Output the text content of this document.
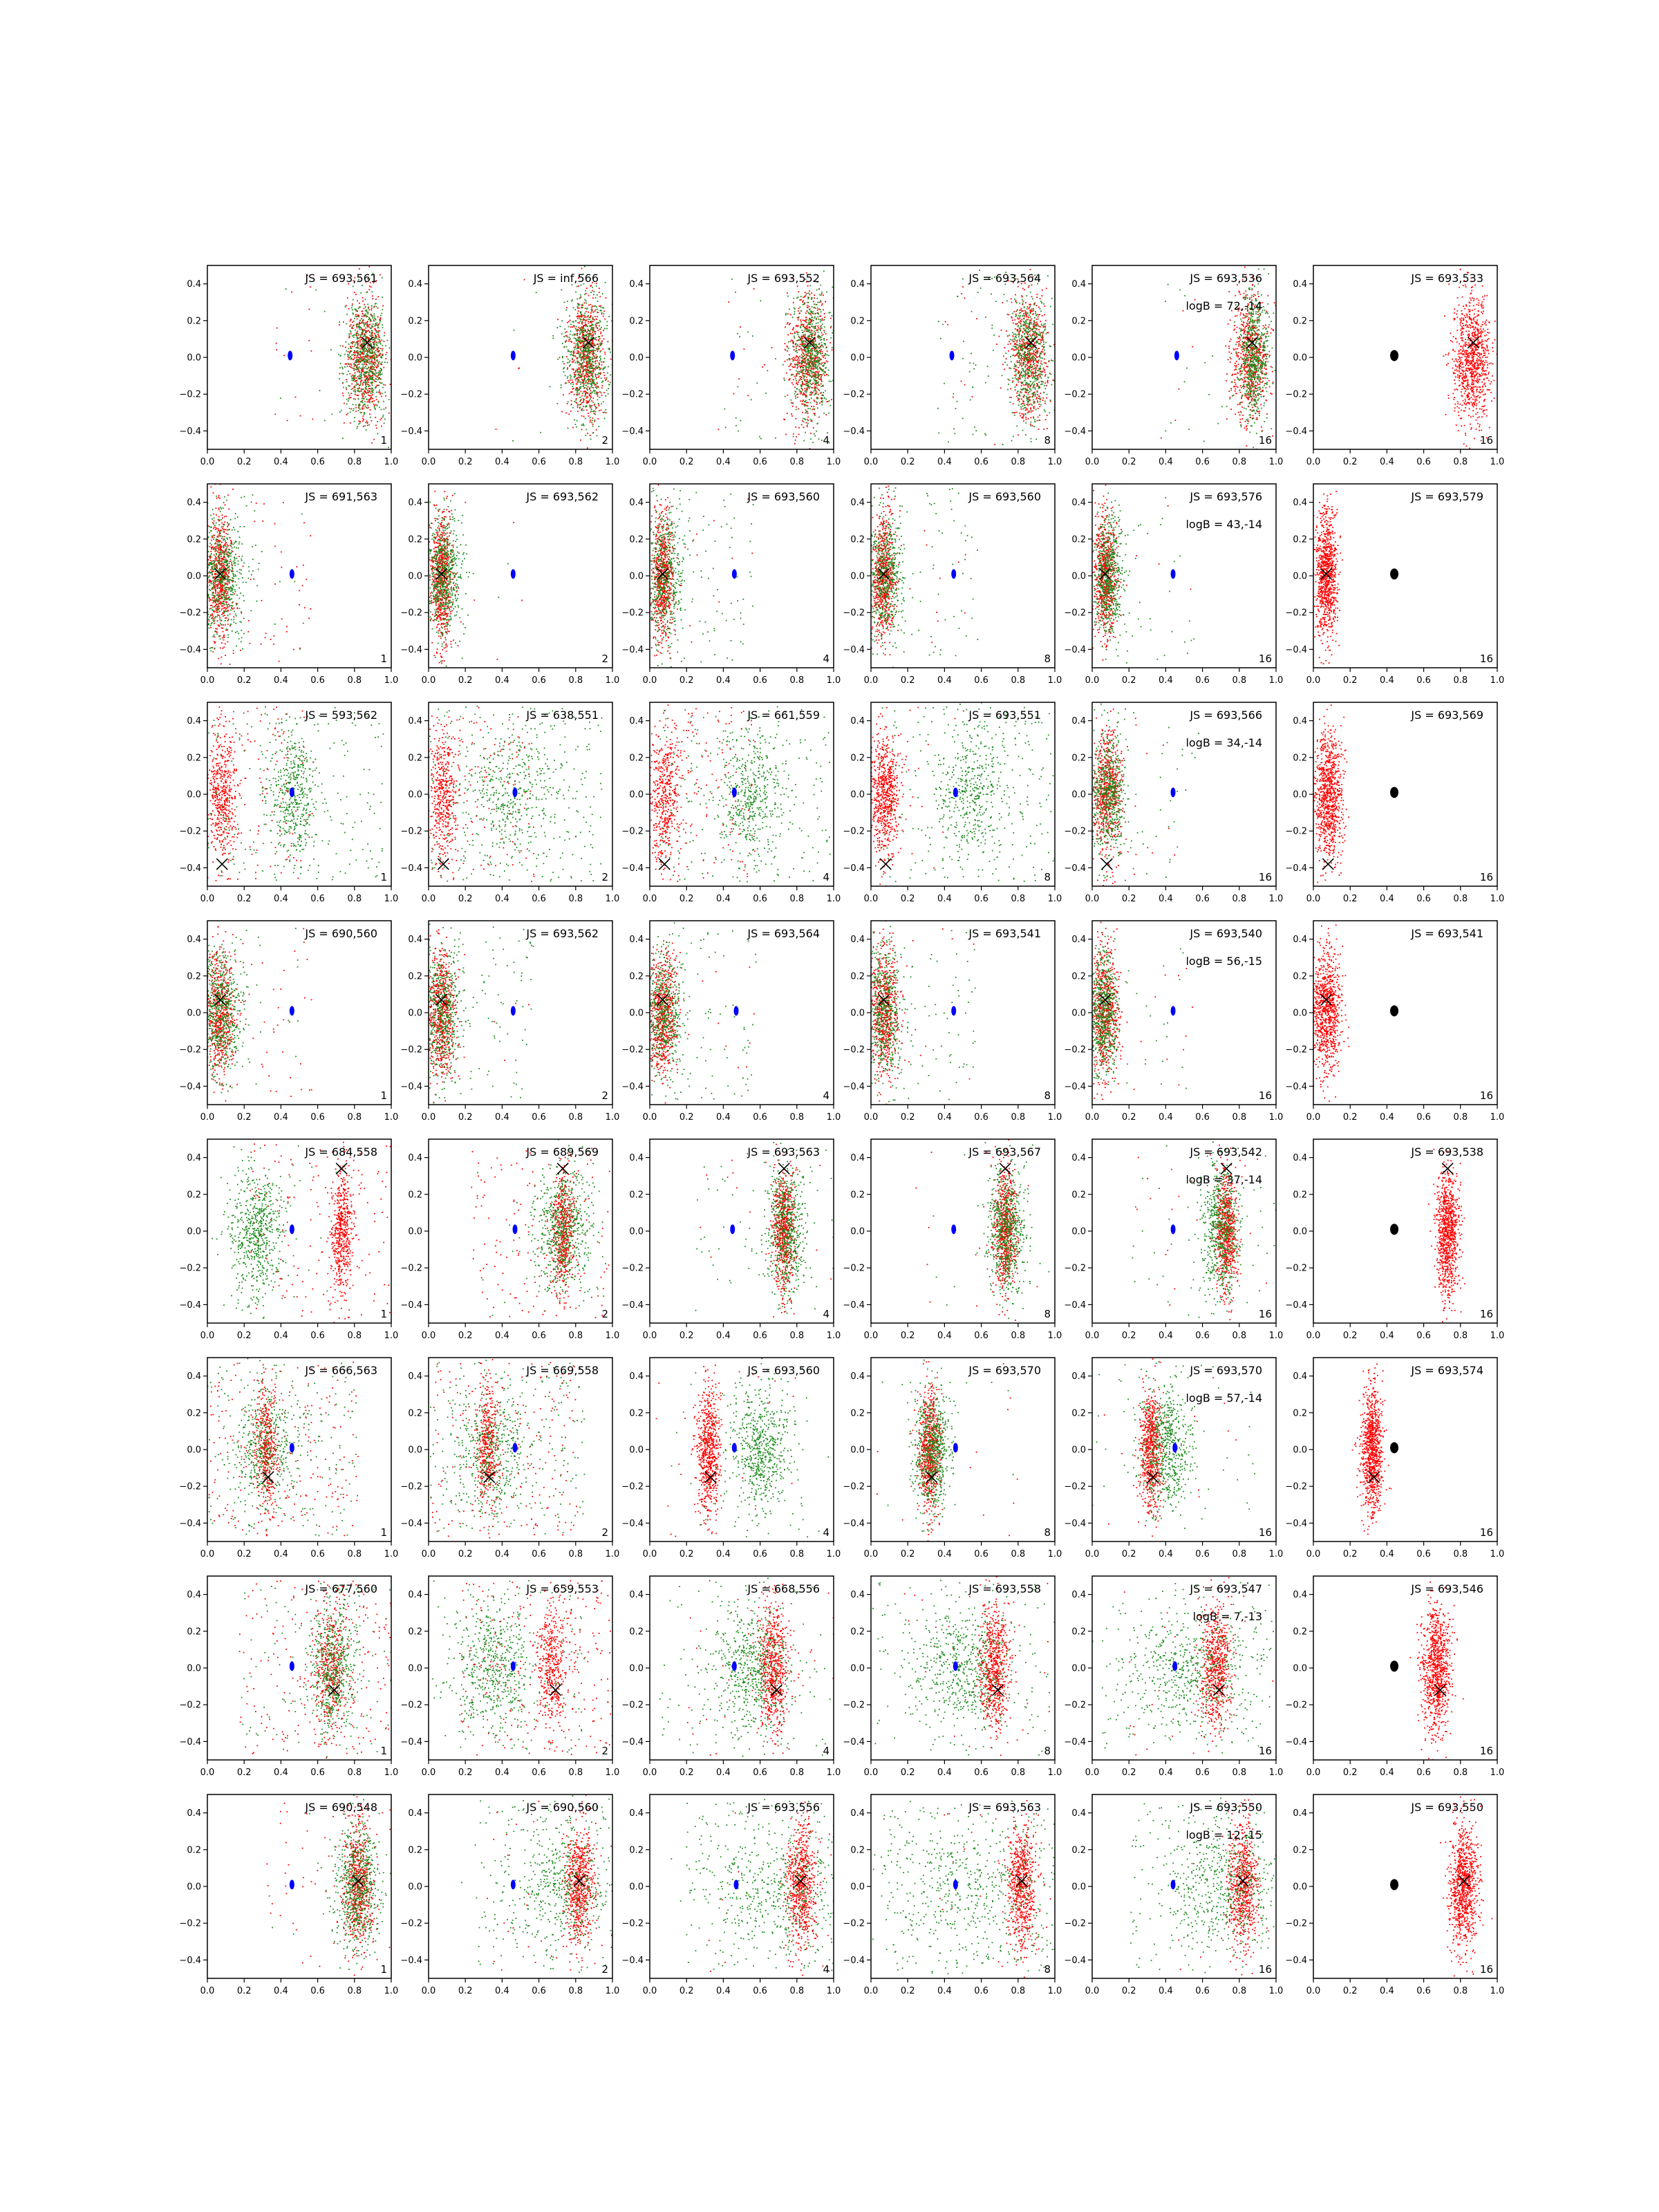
0.0	0.2	0.4	0.6	0.8	1.0
0.4
0.2
0.0
−0.2
−0.4
JS = 693,561
1
0.0	0.2	0.4	0.6	0.8	1.0
0.4
0.2
0.0
−0.2
−0.4
JS = inf,566
2
0.0	0.2	0.4	0.6	0.8	1.0
0.4
0.2
0.0
−0.2
−0.4
JS = 693,552
4
0.0	0.2	0.4	0.6	0.8	1.0
0.4
0.2
0.0
−0.2
−0.4
JS = 693,564
8
0.0	0.2	0.4	0.6	0.8	1.0
0.4
0.2
0.0
−0.2
−0.4
JS = 693,536
logB = 72,-14
16
0.0	0.2	0.4	0.6	0.8	1.0
0.4
0.2
0.0
−0.2
−0.4
JS = 693,533
16
0.0	0.2	0.4	0.6	0.8	1.0
0.4
0.2
0.0
−0.2
−0.4
JS = 691,563
1
0.0	0.2	0.4	0.6	0.8	1.0
0.4
0.2
0.0
−0.2
−0.4
JS = 693,562
2
0.0	0.2	0.4	0.6	0.8	1.0
0.4
0.2
0.0
−0.2
−0.4
JS = 693,560
4
0.0	0.2	0.4	0.6	0.8	1.0
0.4
0.2
0.0
−0.2
−0.4
JS = 693,560
8
0.0	0.2	0.4	0.6	0.8	1.0
0.4
0.2
0.0
−0.2
−0.4
JS = 693,576
logB = 43,-14
16
0.0	0.2	0.4	0.6	0.8	1.0
0.4
0.2
0.0
−0.2
−0.4
JS = 693,579
16
0.0	0.2	0.4	0.6	0.8	1.0
0.4
0.2
0.0
−0.2
−0.4
JS = 593,562
1
0.0	0.2	0.4	0.6	0.8	1.0
0.4
0.2
0.0
−0.2
−0.4
JS = 638,551
2
0.0	0.2	0.4	0.6	0.8	1.0
0.4
0.2
0.0
−0.2
−0.4
JS = 661,559
4
0.0	0.2	0.4	0.6	0.8	1.0
0.4
0.2
0.0
−0.2
−0.4
JS = 693,551
8
0.0	0.2	0.4	0.6	0.8	1.0
0.4
0.2
0.0
−0.2
−0.4
JS = 693,566
logB = 34,-14
16
0.0	0.2	0.4	0.6	0.8	1.0
0.4
0.2
0.0
−0.2
−0.4
JS = 693,569
16
0.0	0.2	0.4	0.6	0.8	1.0
0.4
0.2
0.0
−0.2
−0.4
JS = 690,560
1
0.0	0.2	0.4	0.6	0.8	1.0
0.4
0.2
0.0
−0.2
−0.4
JS = 693,562
2
0.0	0.2	0.4	0.6	0.8	1.0
0.4
0.2
0.0
−0.2
−0.4
JS = 693,564
4
0.0	0.2	0.4	0.6	0.8	1.0
0.4
0.2
0.0
−0.2
−0.4
JS = 693,541
8
0.0	0.2	0.4	0.6	0.8	1.0
0.4
0.2
0.0
−0.2
−0.4
JS = 693,540
logB = 56,-15
16
0.0	0.2	0.4	0.6	0.8	1.0
0.4
0.2
0.0
−0.2
−0.4
JS = 693,541
16
0.0	0.2	0.4	0.6	0.8	1.0
0.4
0.2
0.0
−0.2
−0.4
JS = 684,558
1
0.0	0.2	0.4	0.6	0.8	1.0
0.4
0.2
0.0
−0.2
−0.4
JS = 689,569
2
0.0	0.2	0.4	0.6	0.8	1.0
0.4
0.2
0.0
−0.2
−0.4
JS = 693,563
4
0.0	0.2	0.4	0.6	0.8	1.0
0.4
0.2
0.0
−0.2
−0.4
JS = 693,567
8
0.0	0.2	0.4	0.6	0.8	1.0
0.4
0.2
0.0
−0.2
−0.4
JS = 693,542
logB = 37,-14
16
0.0	0.2	0.4	0.6	0.8	1.0
0.4
0.2
0.0
−0.2
−0.4
JS = 693,538
16
0.0	0.2	0.4	0.6	0.8	1.0
0.4
0.2
0.0
−0.2
−0.4
JS = 666,563
1
0.0	0.2	0.4	0.6	0.8	1.0
0.4
0.2
0.0
−0.2
−0.4
JS = 669,558
2
0.0	0.2	0.4	0.6	0.8	1.0
0.4
0.2
0.0
−0.2
−0.4
JS = 693,560
4
0.0	0.2	0.4	0.6	0.8	1.0
0.4
0.2
0.0
−0.2
−0.4
JS = 693,570
8
0.0	0.2	0.4	0.6	0.8	1.0
0.4
0.2
0.0
−0.2
−0.4
JS = 693,570
logB = 57,-14
16
0.0	0.2	0.4	0.6	0.8	1.0
0.4
0.2
0.0
−0.2
−0.4
JS = 693,574
16
0.0	0.2	0.4	0.6	0.8	1.0
0.4
0.2
0.0
−0.2
−0.4
JS = 677,560
1
0.0	0.2	0.4	0.6	0.8	1.0
0.4
0.2
0.0
−0.2
−0.4
JS = 659,553
2
0.0	0.2	0.4	0.6	0.8	1.0
0.4
0.2
0.0
−0.2
−0.4
JS = 668,556
4
0.0	0.2	0.4	0.6	0.8	1.0
0.4
0.2
0.0
−0.2
−0.4
JS = 693,558
8
0.0	0.2	0.4	0.6	0.8	1.0
0.4
0.2
0.0
−0.2
−0.4
JS = 693,547
logB = 7,-13
16
0.0	0.2	0.4	0.6	0.8	1.0
0.4
0.2
0.0
−0.2
−0.4
JS = 693,546
16
0.0	0.2	0.4	0.6	0.8	1.0
0.4
0.2
0.0
−0.2
−0.4
JS = 690,548
1
0.0	0.2	0.4	0.6	0.8	1.0
0.4
0.2
0.0
−0.2
−0.4
JS = 690,560
2
0.0	0.2	0.4	0.6	0.8	1.0
0.4
0.2
0.0
−0.2
−0.4
JS = 693,556
4
0.0	0.2	0.4	0.6	0.8	1.0
0.4
0.2
0.0
−0.2
−0.4
JS = 693,563
8
0.0	0.2	0.4	0.6	0.8	1.0
0.4
0.2
0.0
−0.2
−0.4
JS = 693,550
logB = 12,-15
16
0.0	0.2	0.4	0.6	0.8	1.0
0.4
0.2
0.0
−0.2
−0.4
JS = 693,550
16
